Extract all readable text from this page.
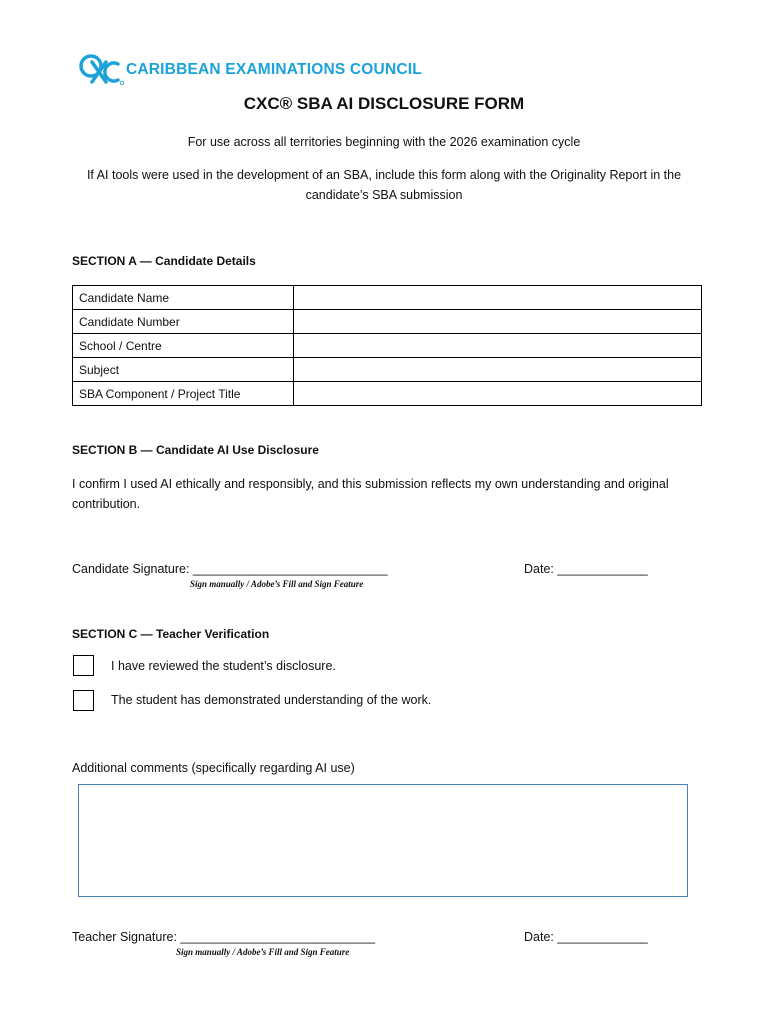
CARIBBEAN EXAMINATIONS COUNCIL
CXC® SBA AI DISCLOSURE FORM
For use across all territories beginning with the 2026 examination cycle
If AI tools were used in the development of an SBA, include this form along with the Originality Report in the candidate’s SBA submission
SECTION A — Candidate Details
Candidate Name	
Candidate Number	
School / Centre	
Subject	
SBA Component / Project Title	
SECTION B — Candidate AI Use Disclosure
I confirm I used AI ethically and responsibly, and this submission reflects my own understanding and original contribution.
Candidate Signature: ____________________________
Sign manually / Adobe’s Fill and Sign Feature
Date: _____________
SECTION C — Teacher Verification
I have reviewed the student’s disclosure.
The student has demonstrated understanding of the work.
Additional comments (specifically regarding AI use)
Teacher Signature: ____________________________
Sign manually / Adobe’s Fill and Sign Feature
Date: _____________
